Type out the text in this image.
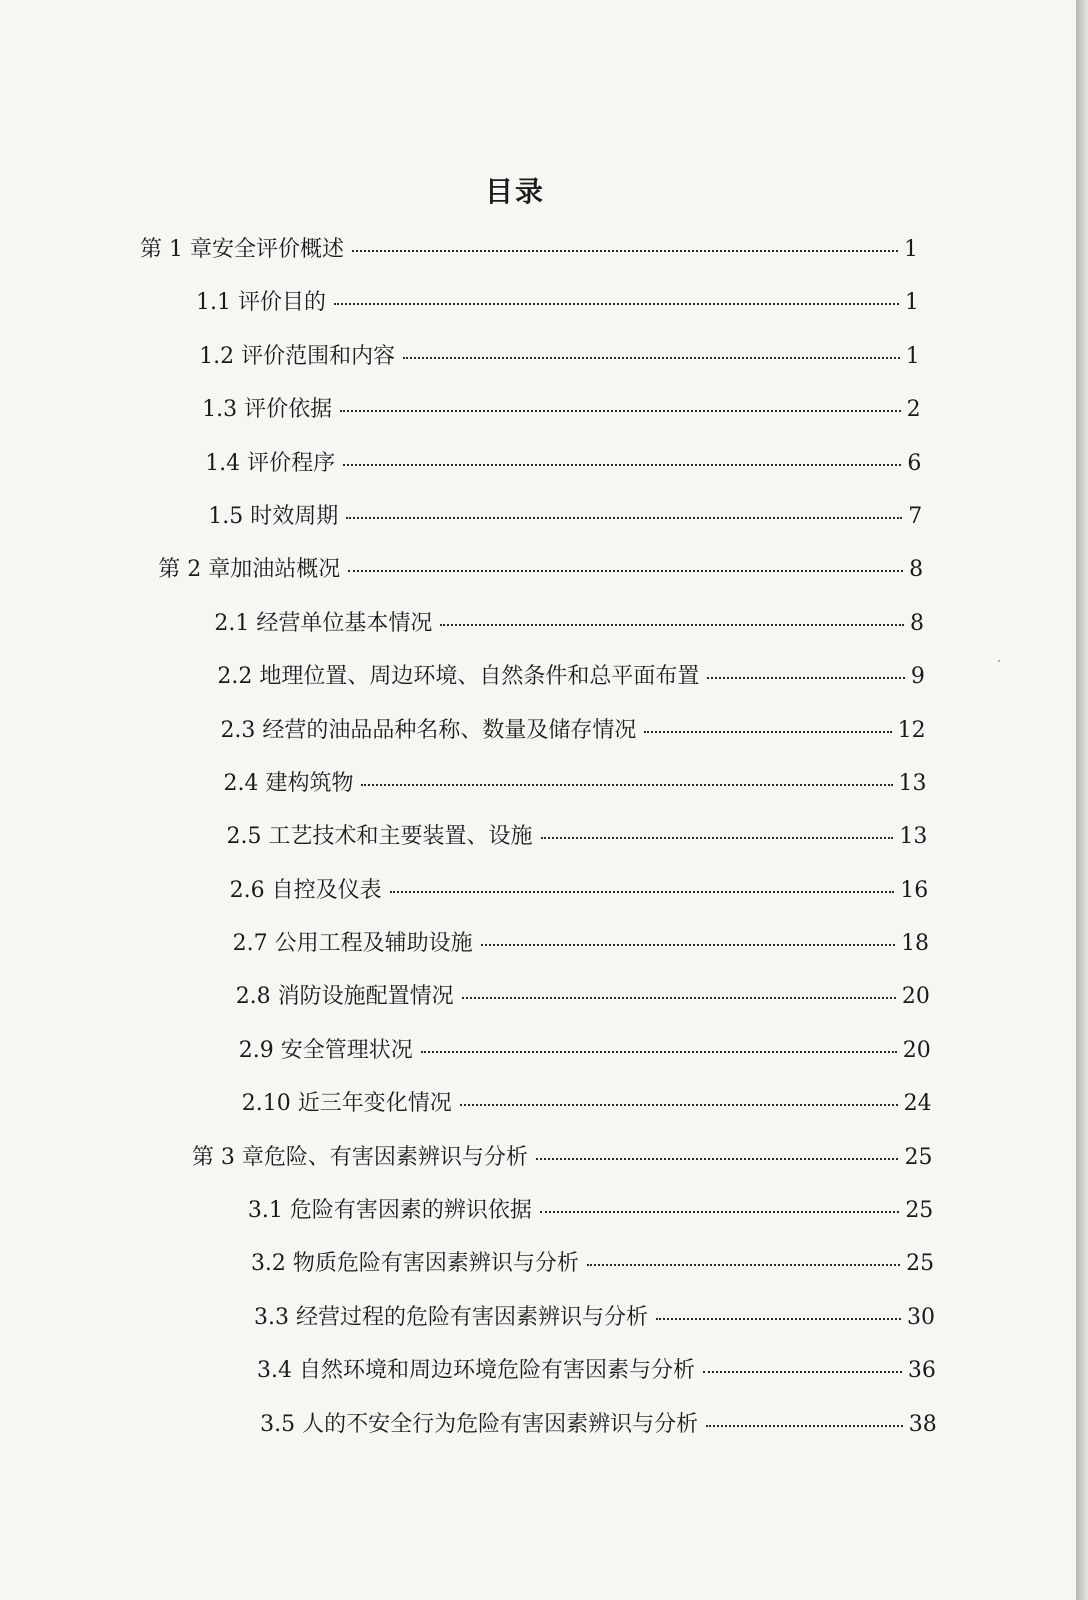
目录
第 1 章安全评价概述	1
1.1 评价目的	1
1.2 评价范围和内容	1
1.3 评价依据	2
1.4 评价程序	6
1.5 时效周期	7
第 2 章加油站概况	8
2.1 经营单位基本情况	8
2.2 地理位置、周边环境、自然条件和总平面布置	9
2.3 经营的油品品种名称、数量及储存情况	12
2.4 建构筑物	13
2.5 工艺技术和主要装置、设施	13
2.6 自控及仪表	16
2.7 公用工程及辅助设施	18
2.8 消防设施配置情况	20
2.9 安全管理状况	20
2.10 近三年变化情况	24
第 3 章危险、有害因素辨识与分析	25
3.1 危险有害因素的辨识依据	25
3.2 物质危险有害因素辨识与分析	25
3.3 经营过程的危险有害因素辨识与分析	30
3.4 自然环境和周边环境危险有害因素与分析	36
3.5 人的不安全行为危险有害因素辨识与分析	38
